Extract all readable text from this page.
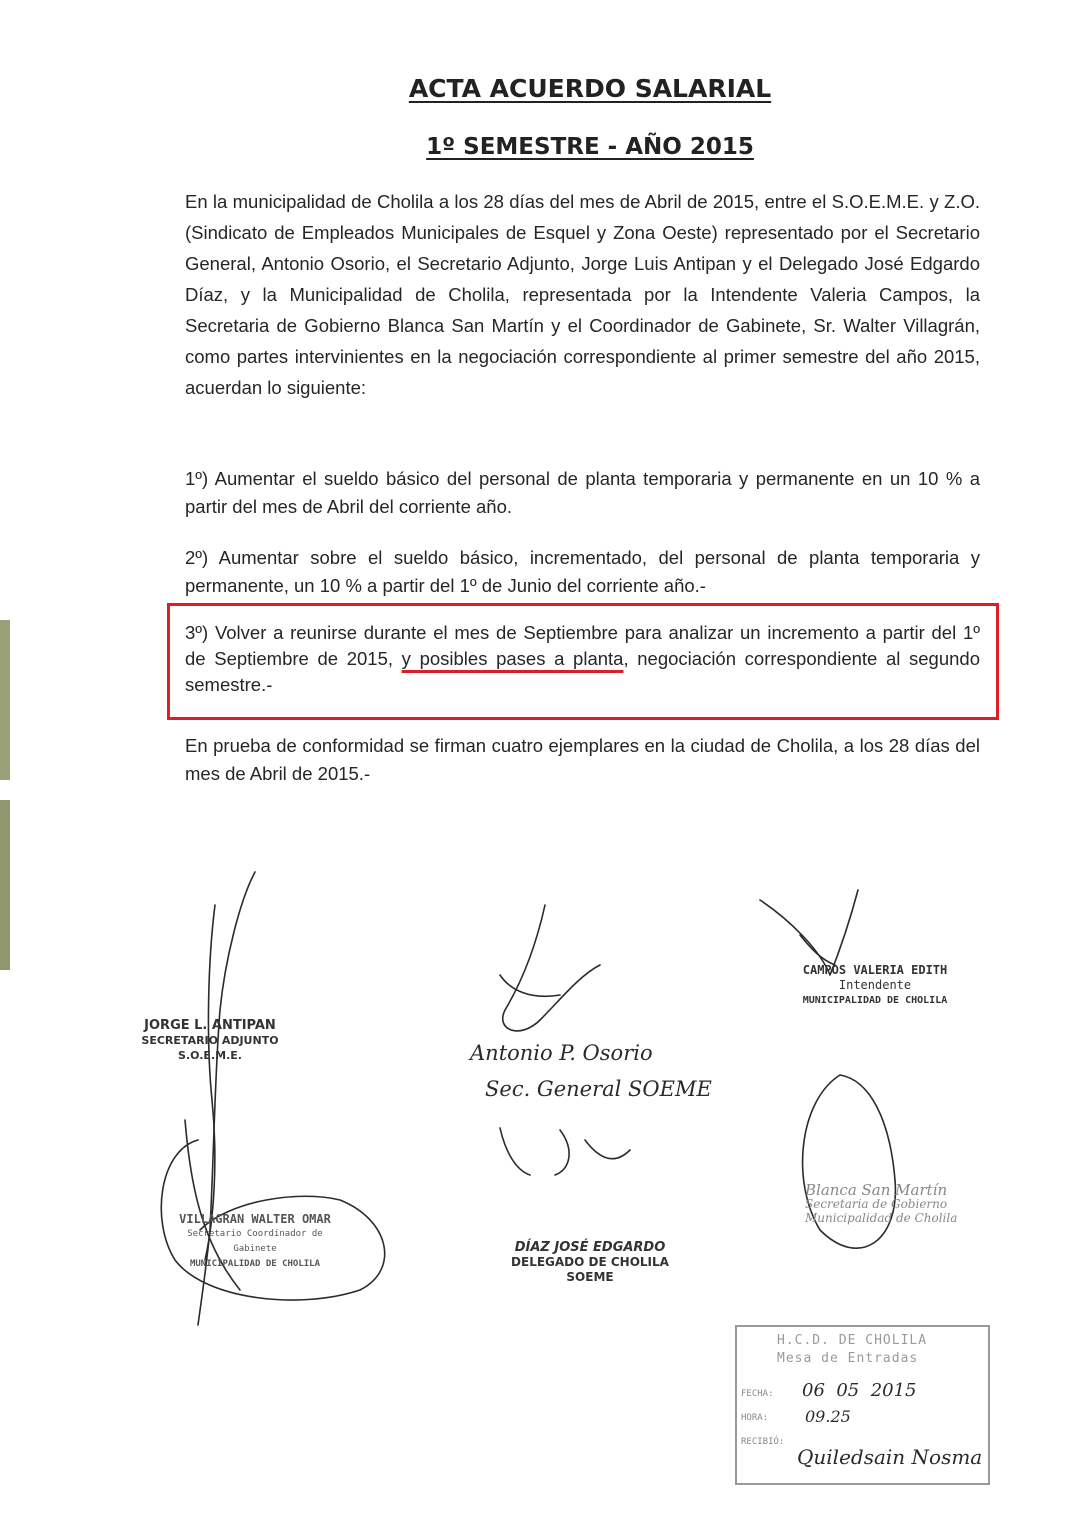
ACTA ACUERDO SALARIAL
1º SEMESTRE - AÑO 2015

En la municipalidad de Cholila a los 28 días del mes de Abril de 2015, entre el S.O.E.M.E. y Z.O. (Sindicato de Empleados Municipales de Esquel y Zona Oeste) representado por el Secretario General, Antonio Osorio, el Secretario Adjunto, Jorge Luis Antipan y el Delegado José Edgardo Díaz, y la Municipalidad de Cholila, representada por la Intendente Valeria Campos, la Secretaria de Gobierno Blanca San Martín y el Coordinador de Gabinete, Sr. Walter Villagrán, como partes intervinientes en la negociación correspondiente al primer semestre del año 2015, acuerdan lo siguiente:

1º) Aumentar el sueldo básico del personal de planta temporaria y permanente en un 10 % a partir del mes de Abril del corriente año.

2º) Aumentar sobre el sueldo básico, incrementado, del personal de planta temporaria y permanente, un 10 % a partir del 1º de Junio del corriente año.-

3º) Volver a reunirse durante el mes de Septiembre para analizar un incremento a partir del 1º de Septiembre de 2015, y posibles pases a planta, negociación correspondiente al segundo semestre.-

En prueba de conformidad se firman cuatro ejemplares en la ciudad de Cholila, a los 28 días del mes de Abril de 2015.-

JORGE L. ANTIPAN
SECRETARIO ADJUNTO
S.O.E.M.E.	Antonio P. Osorio
Sec. General SOEME
CAMPOS VALERIA EDITH
Intendente
MUNICIPALIDAD DE CHOLILA
DÍAZ JOSÉ EDGARDO
DELEGADO DE CHOLILA
SOEME
VILLAGRAN WALTER OMAR
Secretario Coordinador de Gabinete
MUNICIPALIDAD DE CHOLILA
Blanca San Martín
Secretaria de Gobierno
Municipalidad de Cholila
H.C.D. DE CHOLILA
Mesa de Entradas
FECHA: 06  05  2015
HORA: 09.25
RECIBIÓ:
Quiledsain Nosma
